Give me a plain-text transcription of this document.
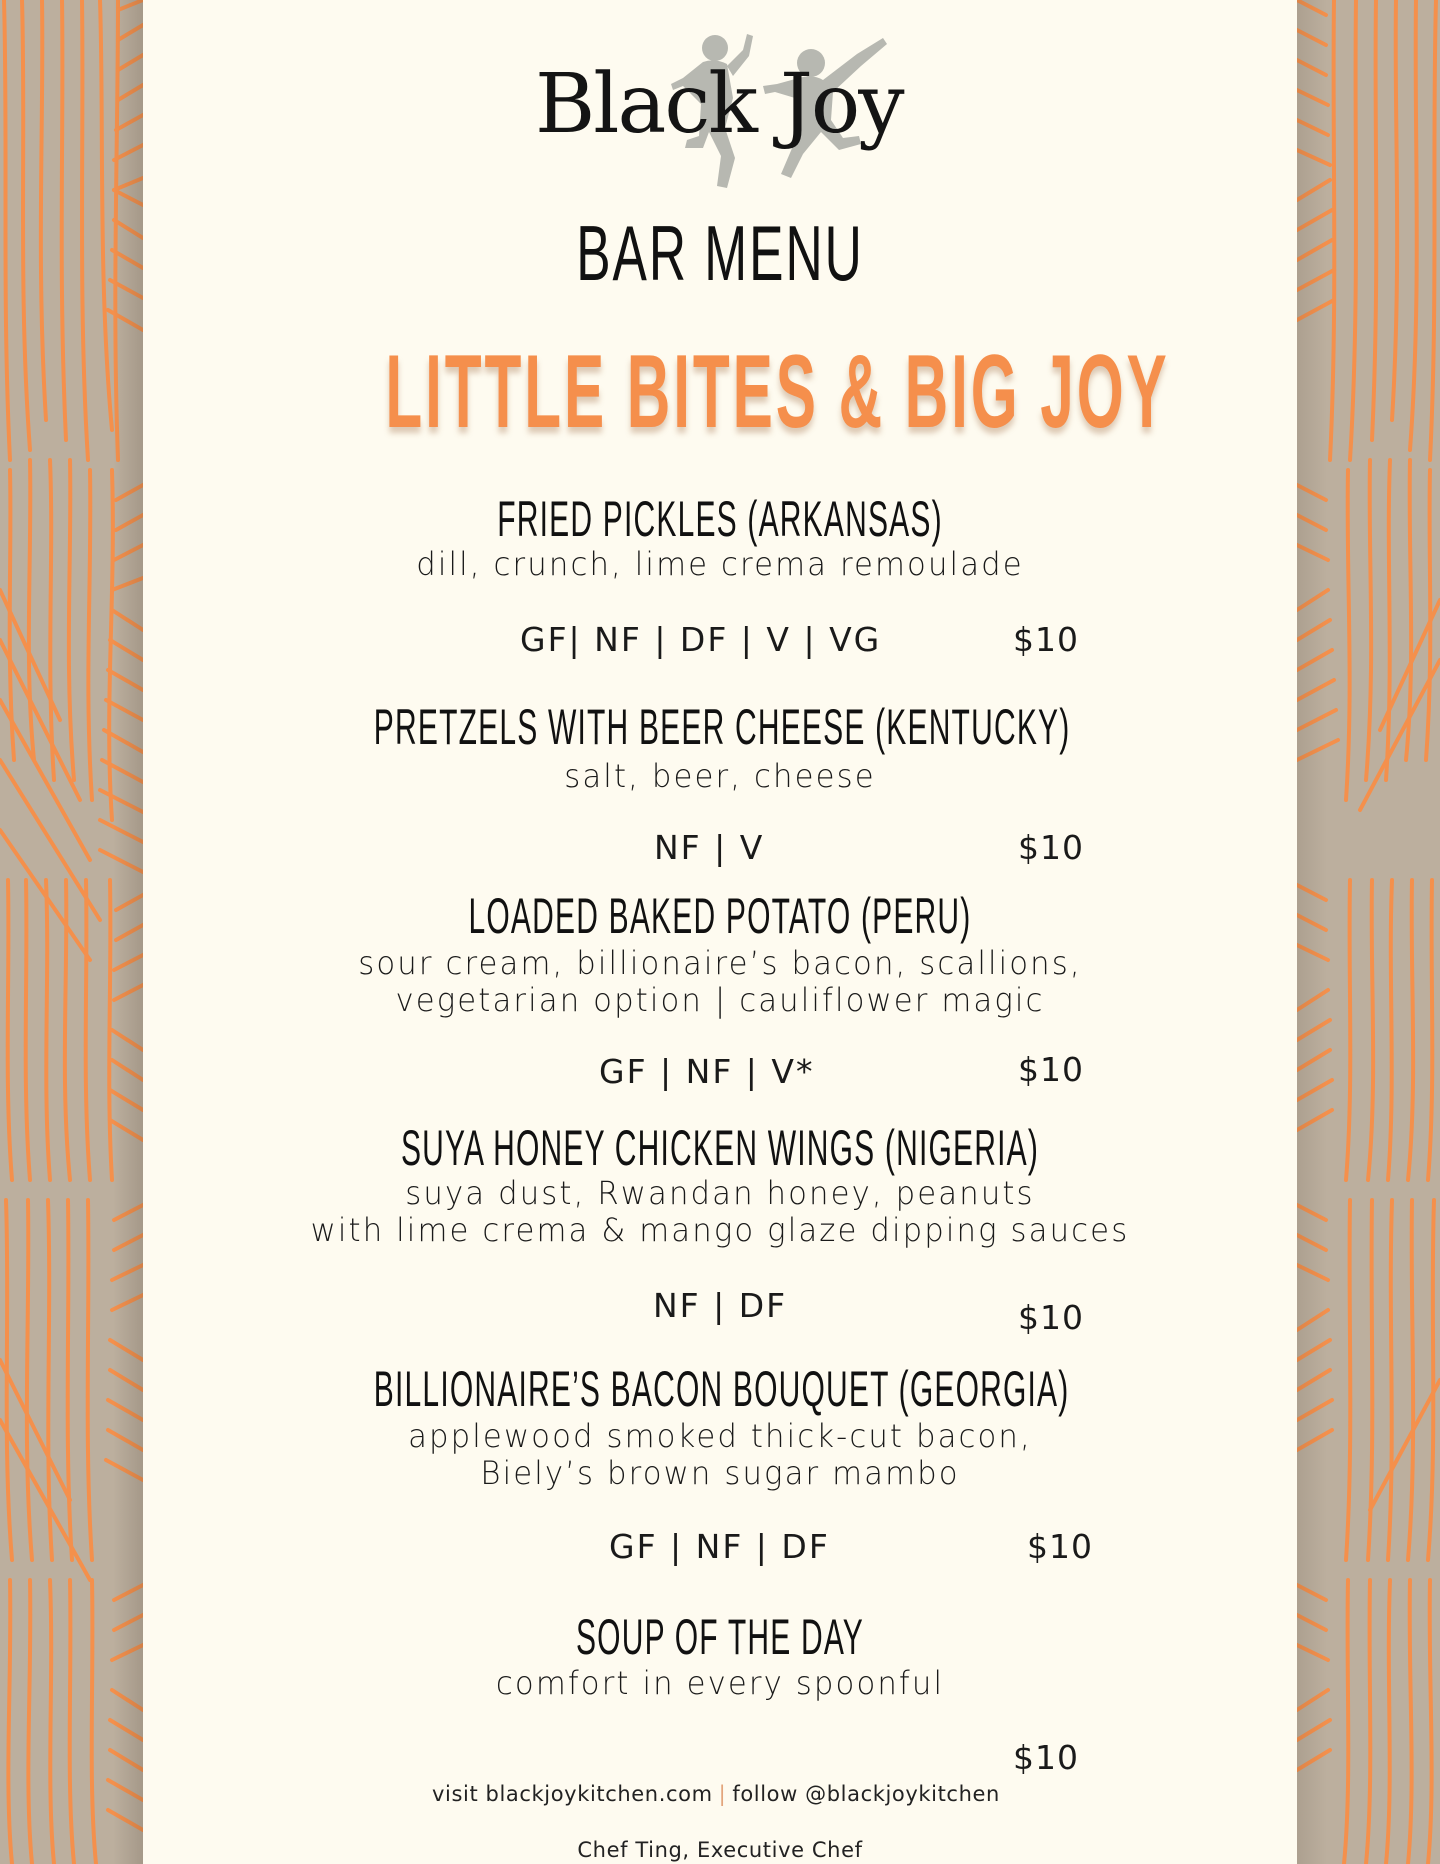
Black Joy
BAR MENU
LITTLE BITES & BIG JOY
FRIED PICKLES (ARKANSAS)
dill, crunch, lime crema remoulade
GF| NF | DF | V | VG	$10
PRETZELS WITH BEER CHEESE (KENTUCKY)
salt, beer, cheese
NF | V	$10
LOADED BAKED POTATO (PERU)
sour cream, billionaire’s bacon, scallions,
vegetarian option | cauliflower magic
GF | NF | V*	$10
SUYA HONEY CHICKEN WINGS (NIGERIA)
suya dust, Rwandan honey, peanuts
with lime crema & mango glaze dipping sauces
NF | DF	$10
BILLIONAIRE’S BACON BOUQUET (GEORGIA)
applewood smoked thick-cut bacon,
Biely’s brown sugar mambo
GF | NF | DF	$10
SOUP OF THE DAY
comfort in every spoonful
$10
visit blackjoykitchen.com | follow @blackjoykitchen
Chef Ting, Executive Chef
